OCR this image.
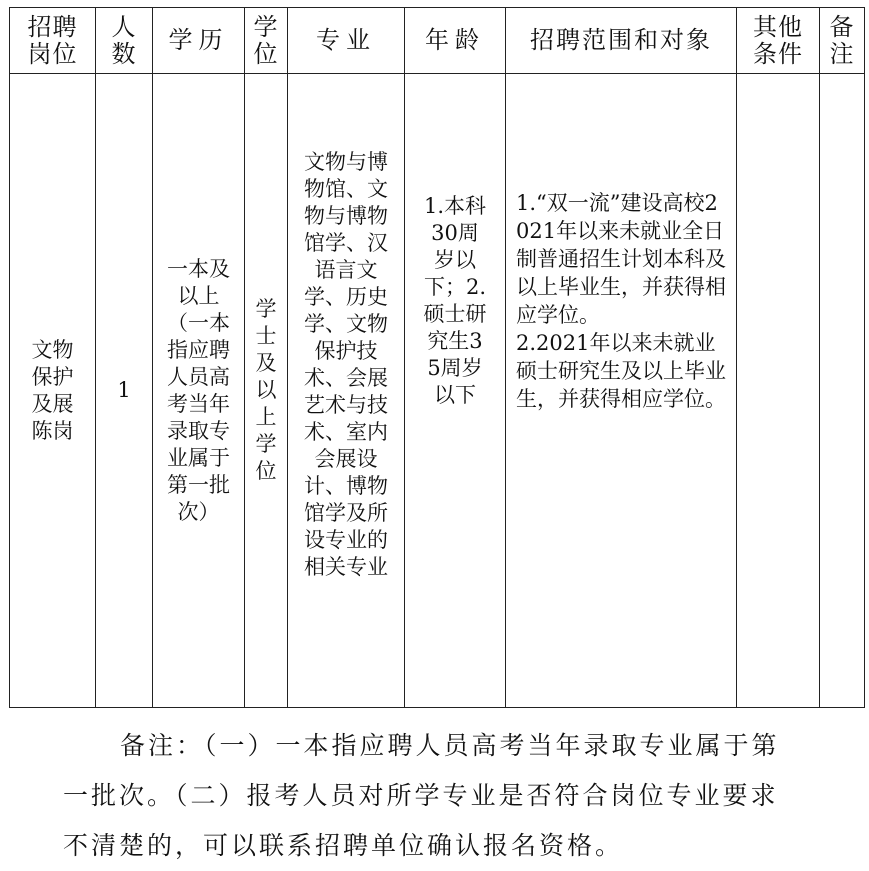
招聘岗位	人数	学历	学位	专业	年龄	招聘范围和对象	其他条件	备注

文物保护及展陈岗	1	一本及以上（一本指应聘人员高考当年录取专业属于第一批次）	学士及以上学位	文物与博物馆、文物与博物馆学、汉语言文学、历史学、文物保护技术、会展艺术与技术、室内会展设计、博物馆学及所设专业的相关专业	1.本科30周岁以下；2.硕士研究生35周岁以下	1.“双一流”建设高校2021年以来未就业全日制普通招生计划本科及以上毕业生，并获得相应学位。
2.2021年以来未就业硕士研究生及以上毕业生，并获得相应学位。		

备注：（一）一本指应聘人员高考当年录取专业属于第
一批次。（二）报考人员对所学专业是否符合岗位专业要求
不清楚的，可以联系招聘单位确认报名资格。
